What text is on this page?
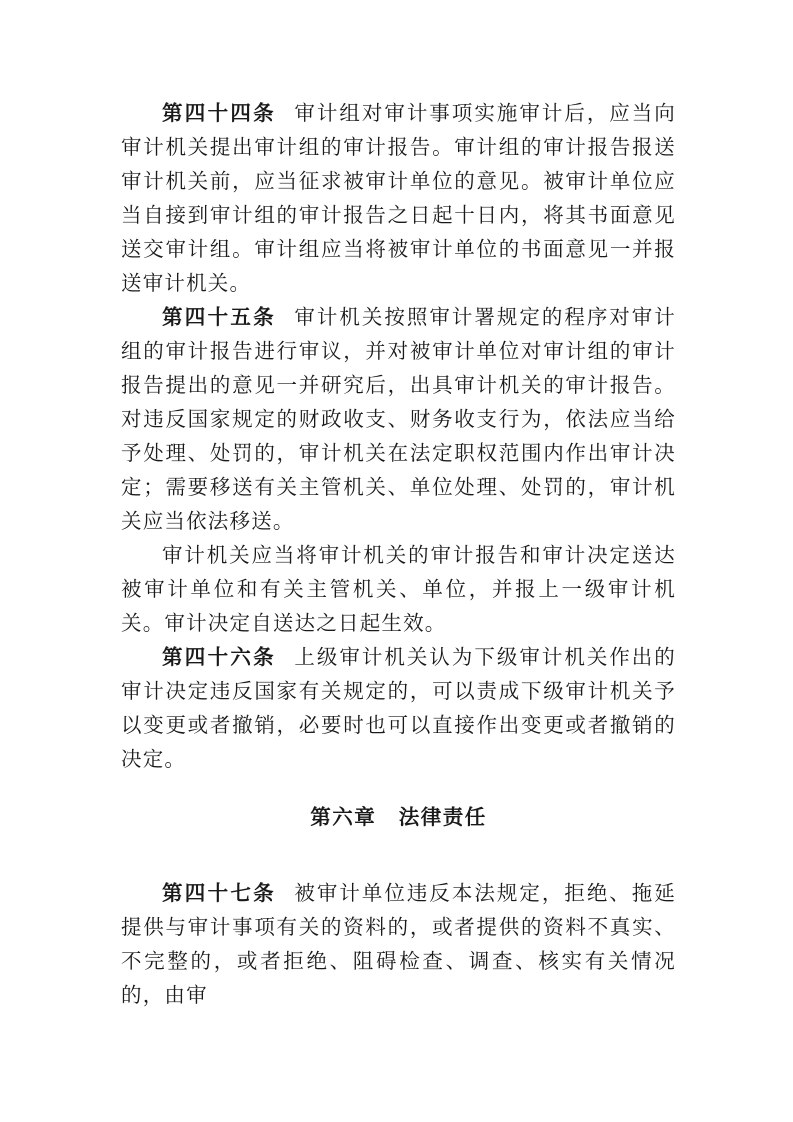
第四十四条 审计组对审计事项实施审计后，应当向审计机关提出审计组的审计报告。审计组的审计报告报送审计机关前，应当征求被审计单位的意见。被审计单位应当自接到审计组的审计报告之日起十日内，将其书面意见送交审计组。审计组应当将被审计单位的书面意见一并报送审计机关。

第四十五条 审计机关按照审计署规定的程序对审计组的审计报告进行审议，并对被审计单位对审计组的审计报告提出的意见一并研究后，出具审计机关的审计报告。对违反国家规定的财政收支、财务收支行为，依法应当给予处理、处罚的，审计机关在法定职权范围内作出审计决定；需要移送有关主管机关、单位处理、处罚的，审计机关应当依法移送。

审计机关应当将审计机关的审计报告和审计决定送达被审计单位和有关主管机关、单位，并报上一级审计机关。审计决定自送达之日起生效。

第四十六条 上级审计机关认为下级审计机关作出的审计决定违反国家有关规定的，可以责成下级审计机关予以变更或者撤销，必要时也可以直接作出变更或者撤销的决定。

第六章 法律责任

第四十七条 被审计单位违反本法规定，拒绝、拖延提供与审计事项有关的资料的，或者提供的资料不真实、不完整的，或者拒绝、阻碍检查、调查、核实有关情况的，由审
